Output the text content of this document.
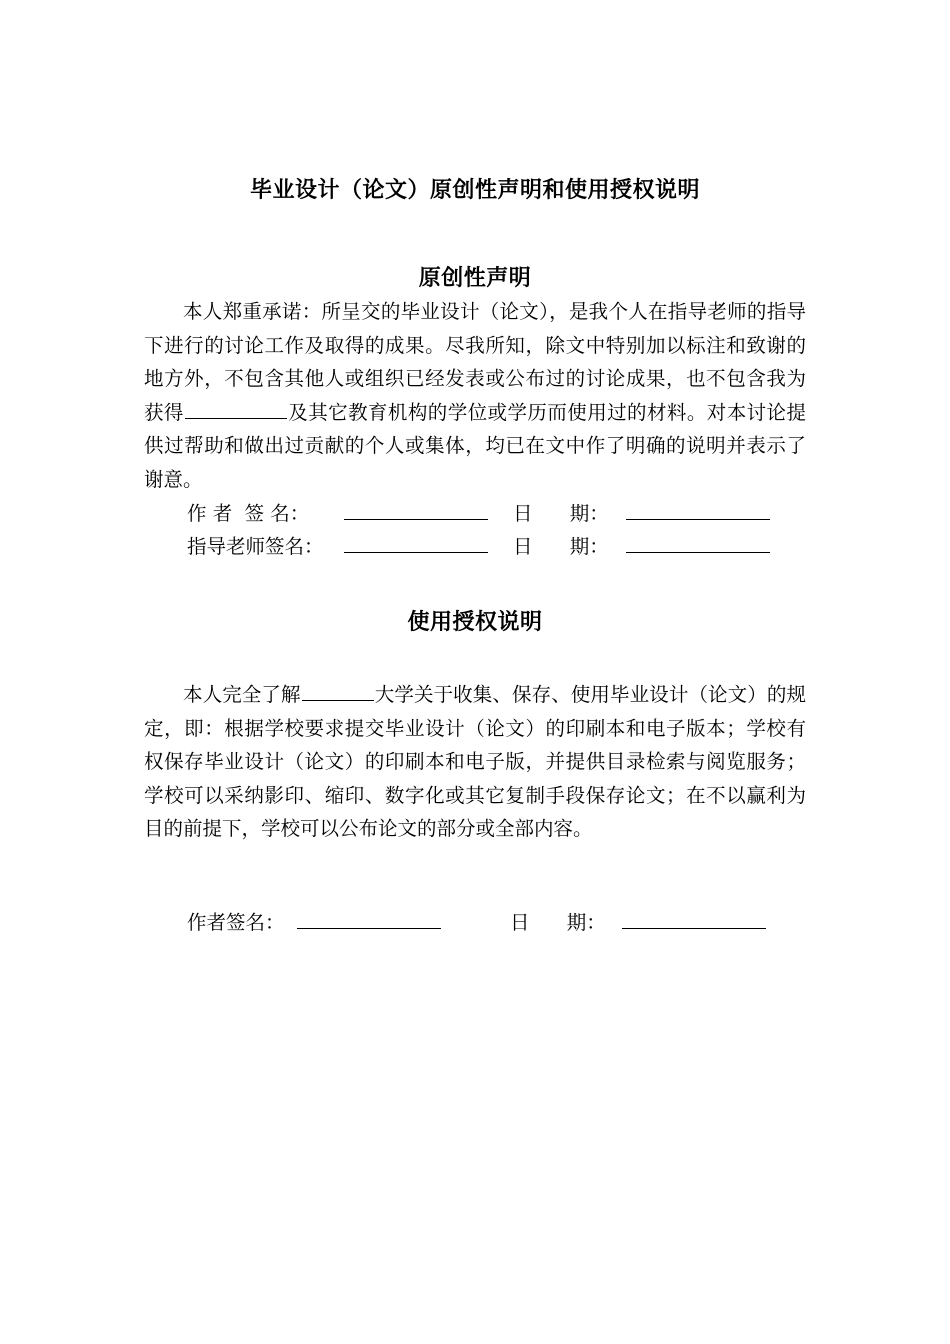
毕业设计（论文）原创性声明和使用授权说明
原创性声明
本人郑重承诺：所呈交的毕业设计（论文），是我个人在指导老师的指导下进行的讨论工作及取得的成果。尽我所知，除文中特别加以标注和致谢的地方外，不包含其他人或组织已经发表或公布过的讨论成果，也不包含我为获得	及其它教育机构的学位或学历而使用过的材料。对本讨论提供过帮助和做出过贡献的个人或集体，均已在文中作了明确的说明并表示了谢意。
作 者  签 名：	日      期：
指导老师签名：	日      期：
使用授权说明
本人完全了解	大学关于收集、保存、使用毕业设计（论文）的规定，即：根据学校要求提交毕业设计（论文）的印刷本和电子版本；学校有权保存毕业设计（论文）的印刷本和电子版，并提供目录检索与阅览服务；学校可以采纳影印、缩印、数字化或其它复制手段保存论文；在不以赢利为目的前提下，学校可以公布论文的部分或全部内容。
作者签名：	日      期：
